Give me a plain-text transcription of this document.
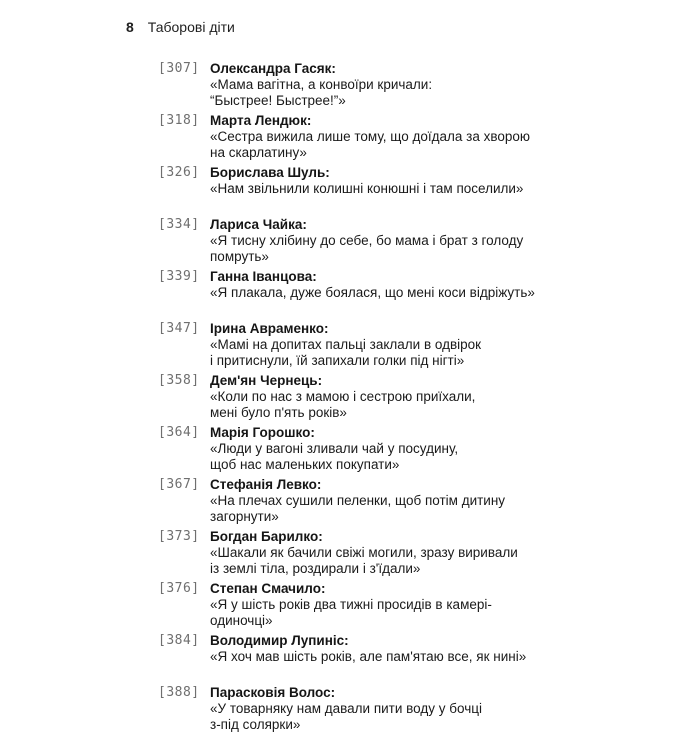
8 Таборові діти
[307] Олександра Гасяк:
«Мама вагітна, а конвоїри кричали:
“Быстрее! Быстрее!”»
[318] Марта Лендюк:
«Сестра вижила лише тому, що доїдала за хворою
на скарлатину»
[326] Борислава Шуль:
«Нам звільнили колишні конюшні і там поселили»
[334] Лариса Чайка:
«Я тисну хлібину до себе, бо мама і брат з голоду
помруть»
[339] Ганна Іванцова:
«Я плакала, дуже боялася, що мені коси відріжуть»
[347] Ірина Авраменко:
«Мамі на допитах пальці заклали в одвірок
і притиснули, їй запихали голки під нігті»
[358] Дем'ян Чернець:
«Коли по нас з мамою і сестрою приїхали,
мені було п'ять років»
[364] Марія Горошко:
«Люди у вагоні зливали чай у посудину,
щоб нас маленьких покупати»
[367] Стефанія Левко:
«На плечах сушили пеленки, щоб потім дитину
загорнути»
[373] Богдан Барилко:
«Шакали як бачили свіжі могили, зразу виривали
із землі тіла, роздирали і з'їдали»
[376] Степан Смачило:
«Я у шість років два тижні просидів в камері-
одиночці»
[384] Володимир Лупиніс:
«Я хоч мав шість років, але пам'ятаю все, як нині»
[388] Парасковія Волос:
«У товарняку нам давали пити воду у бочці
з-під солярки»
